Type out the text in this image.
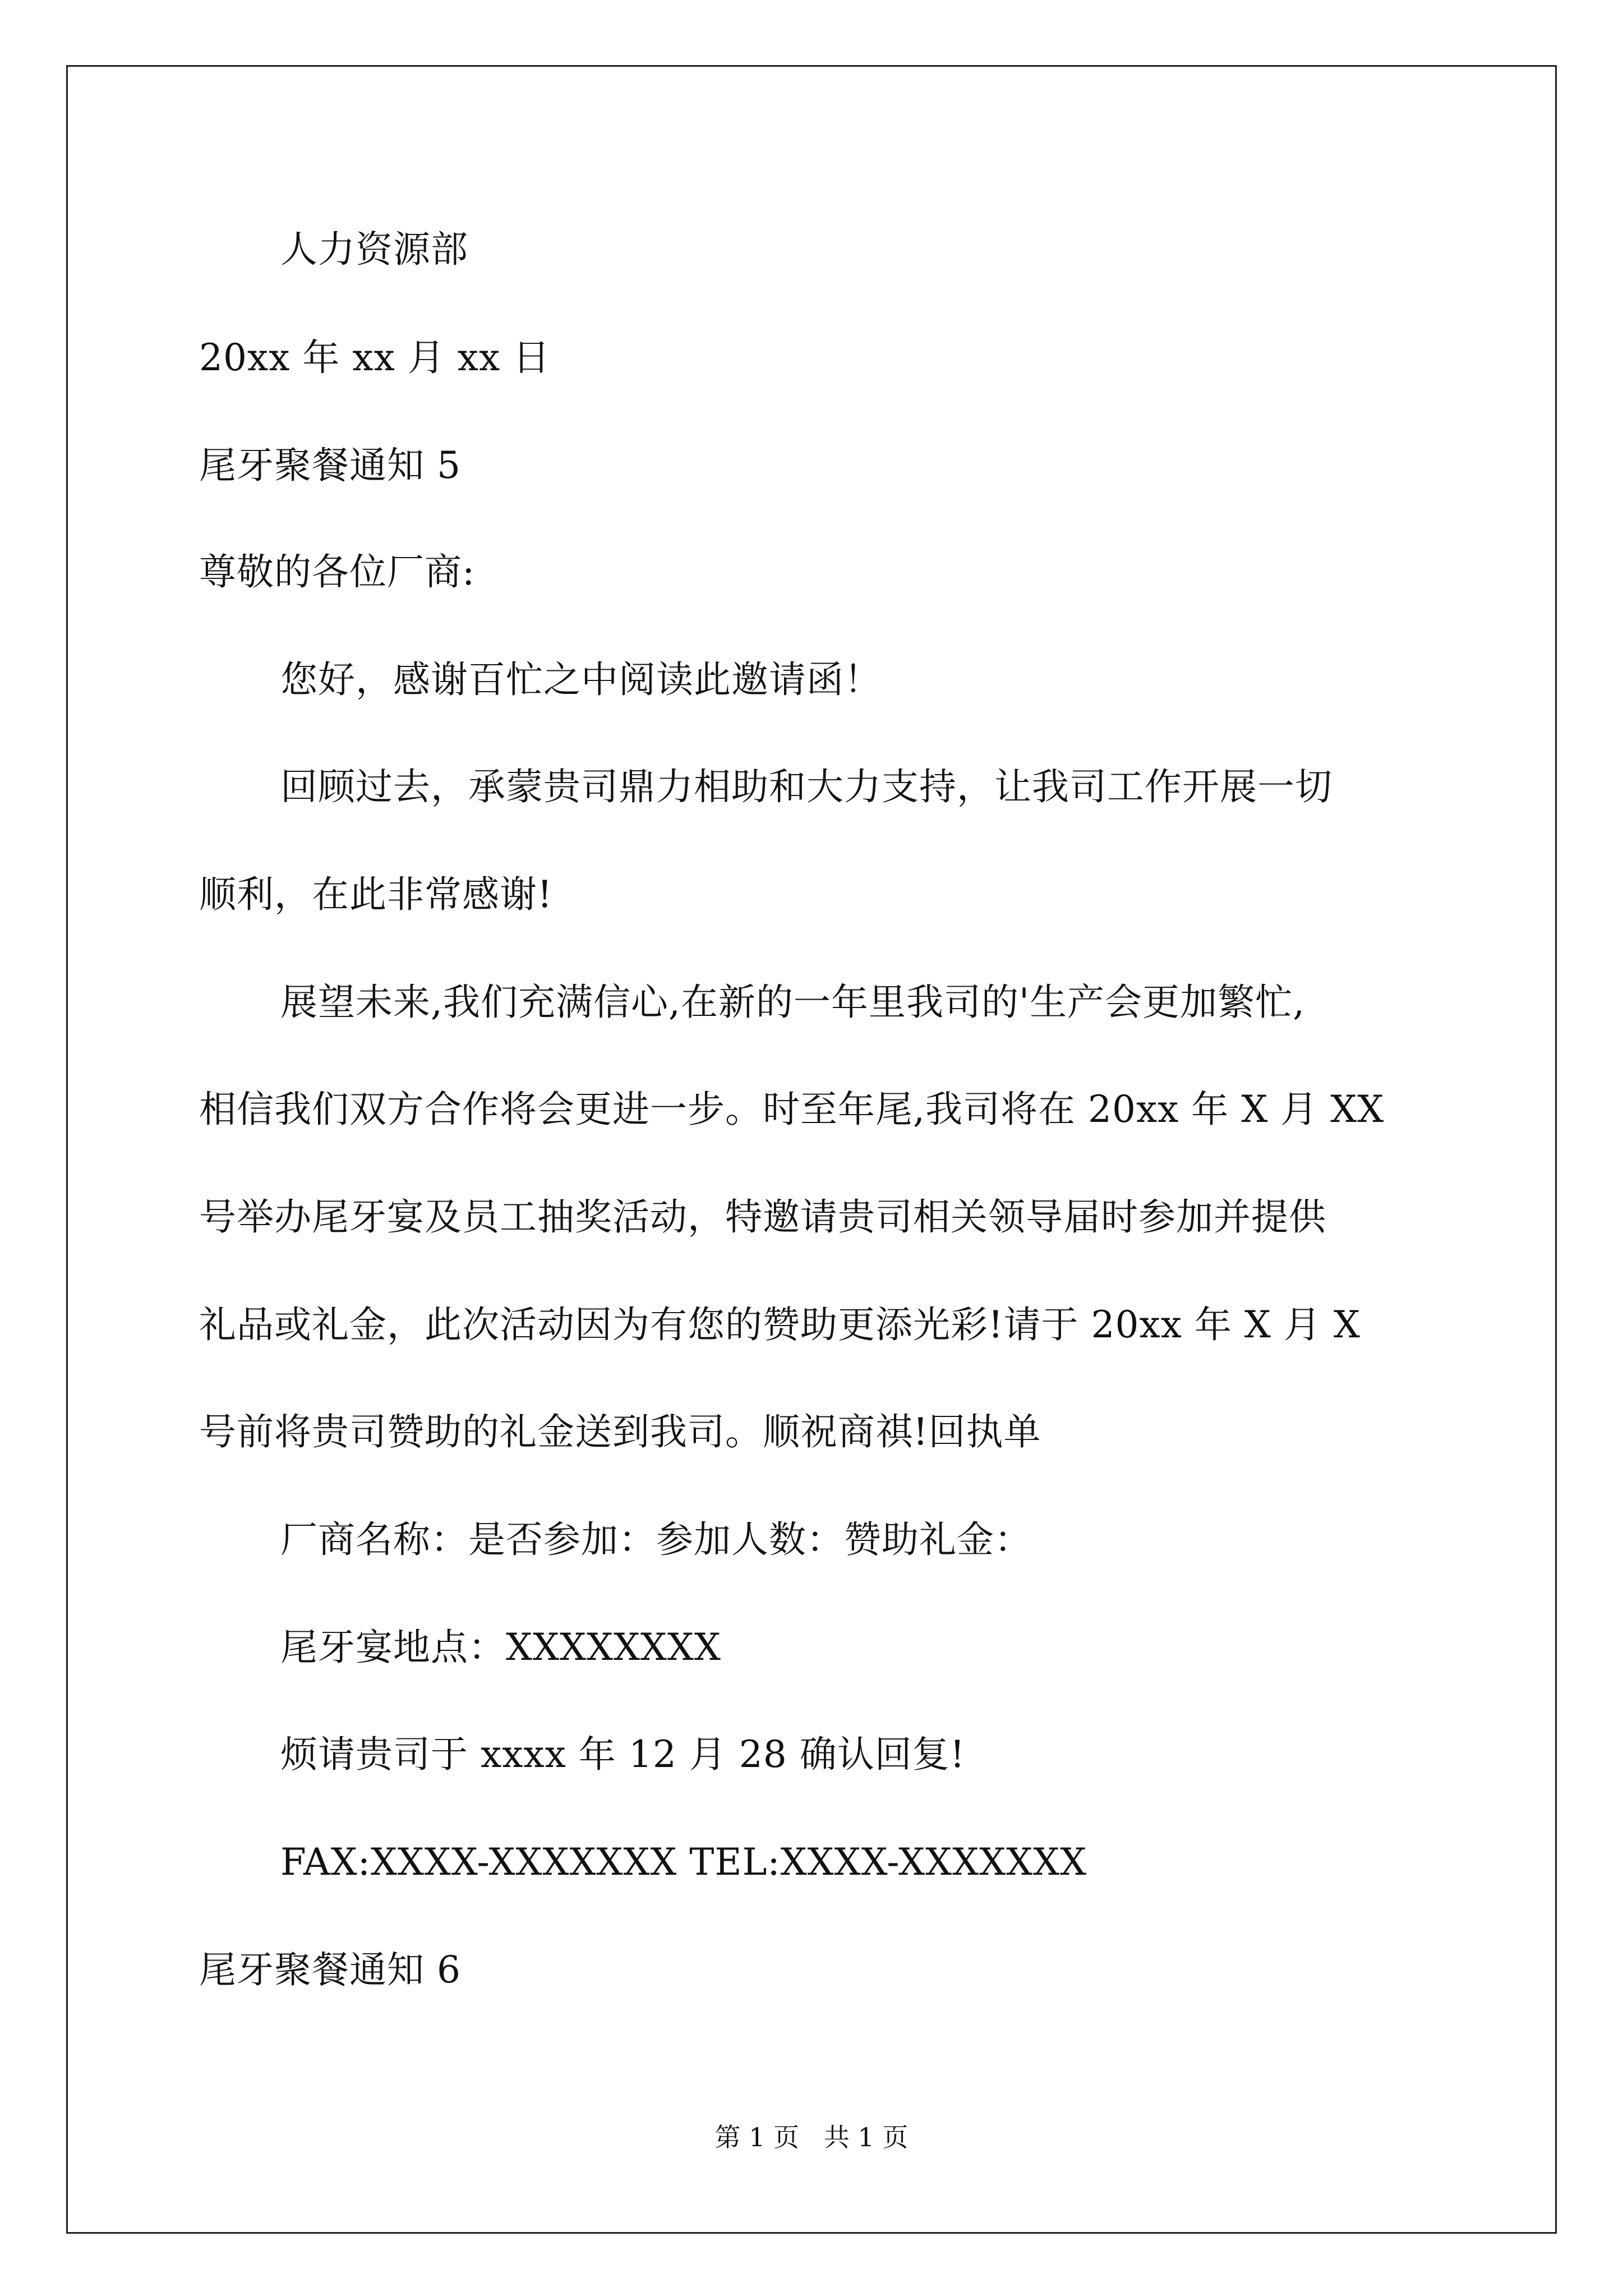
人力资源部
20xx 年 xx 月 xx 日
尾牙聚餐通知 5
尊敬的各位厂商:
您好，感谢百忙之中阅读此邀请函！
回顾过去，承蒙贵司鼎力相助和大力支持，让我司工作开展一切
顺利，在此非常感谢!
展望未来,我们充满信心,在新的一年里我司的'生产会更加繁忙,
相信我们双方合作将会更进一步。时至年尾,我司将在 20xx 年 X 月 XX
号举办尾牙宴及员工抽奖活动，特邀请贵司相关领导届时参加并提供
礼品或礼金，此次活动因为有您的赞助更添光彩!请于 20xx 年 X 月 X
号前将贵司赞助的礼金送到我司。顺祝商祺!回执单
厂商名称：是否参加：参加人数：赞助礼金：
尾牙宴地点：XXXXXXXX
烦请贵司于 xxxx 年 12 月 28 确认回复!
FAX:XXXX-XXXXXXX TEL:XXXX-XXXXXXX
尾牙聚餐通知 6
第 1 页   共 1 页
